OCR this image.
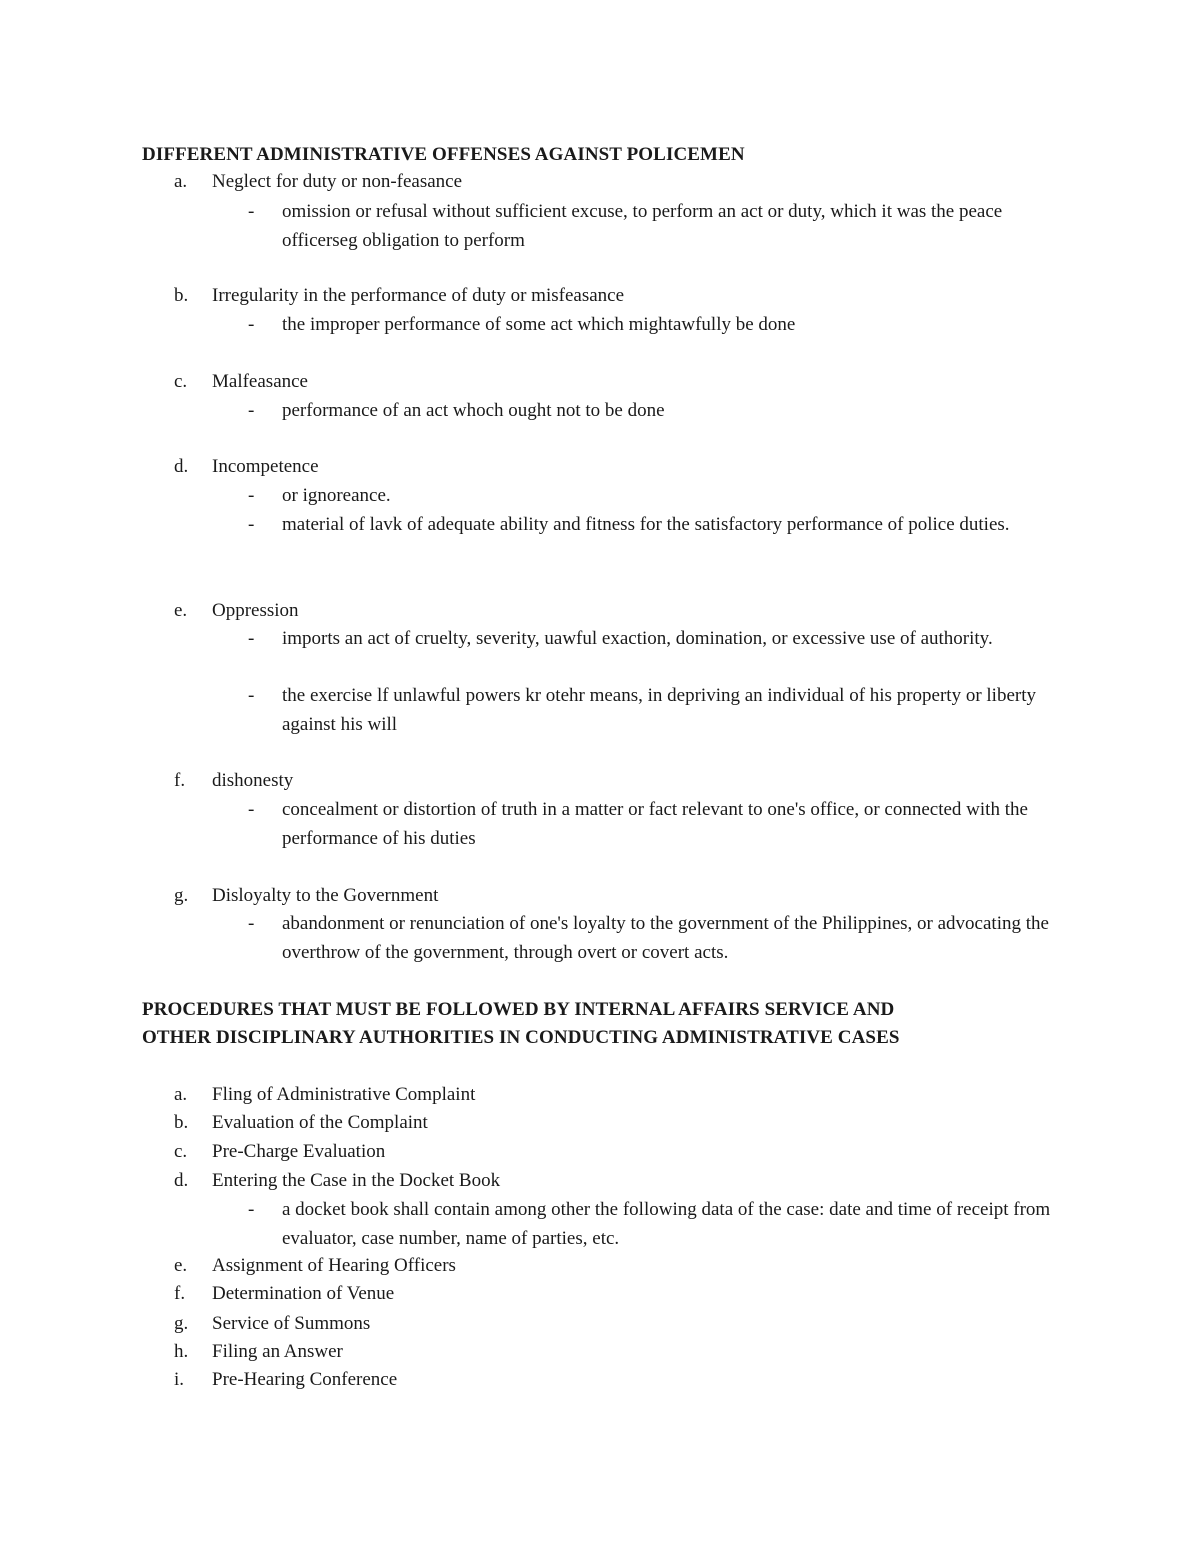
DIFFERENT ADMINISTRATIVE OFFENSES AGAINST POLICEMEN
a.	Neglect for duty or non-feasance
-	omission or refusal without sufficient excuse, to perform an act or duty, which it was the peace officerseg obligation to perform
b.	Irregularity in the performance of duty or misfeasance
-	the improper performance of some act which mightawfully be done
c.	Malfeasance
-	performance of an act whoch ought not to be done
d.	Incompetence
-	or ignoreance.
-	material of lavk of adequate ability and fitness for the satisfactory performance of police duties.
e.	Oppression
-	imports an act of cruelty, severity, uawful exaction, domination, or excessive use of authority.
-	the exercise lf unlawful powers kr otehr means, in depriving an individual of his property or liberty against his will
f.	dishonesty
-	concealment or distortion of truth in a matter or fact relevant to one's office, or connected with the performance of his duties
g.	Disloyalty to the Government
-	abandonment or renunciation of one's loyalty to the government of the Philippines, or advocating the overthrow of the government, through overt or covert acts.
PROCEDURES THAT MUST BE FOLLOWED BY INTERNAL AFFAIRS SERVICE AND
OTHER DISCIPLINARY AUTHORITIES IN CONDUCTING ADMINISTRATIVE CASES
a.	Fling of Administrative Complaint
b.	Evaluation of the Complaint
c.	Pre-Charge Evaluation
d.	Entering the Case in the Docket Book
-	a docket book shall contain among other the following data of the case: date and time of receipt from evaluator, case number, name of parties, etc.
e.	Assignment of Hearing Officers
f.	Determination of Venue
g.	Service of Summons
h.	Filing an Answer
i.	Pre-Hearing Conference
